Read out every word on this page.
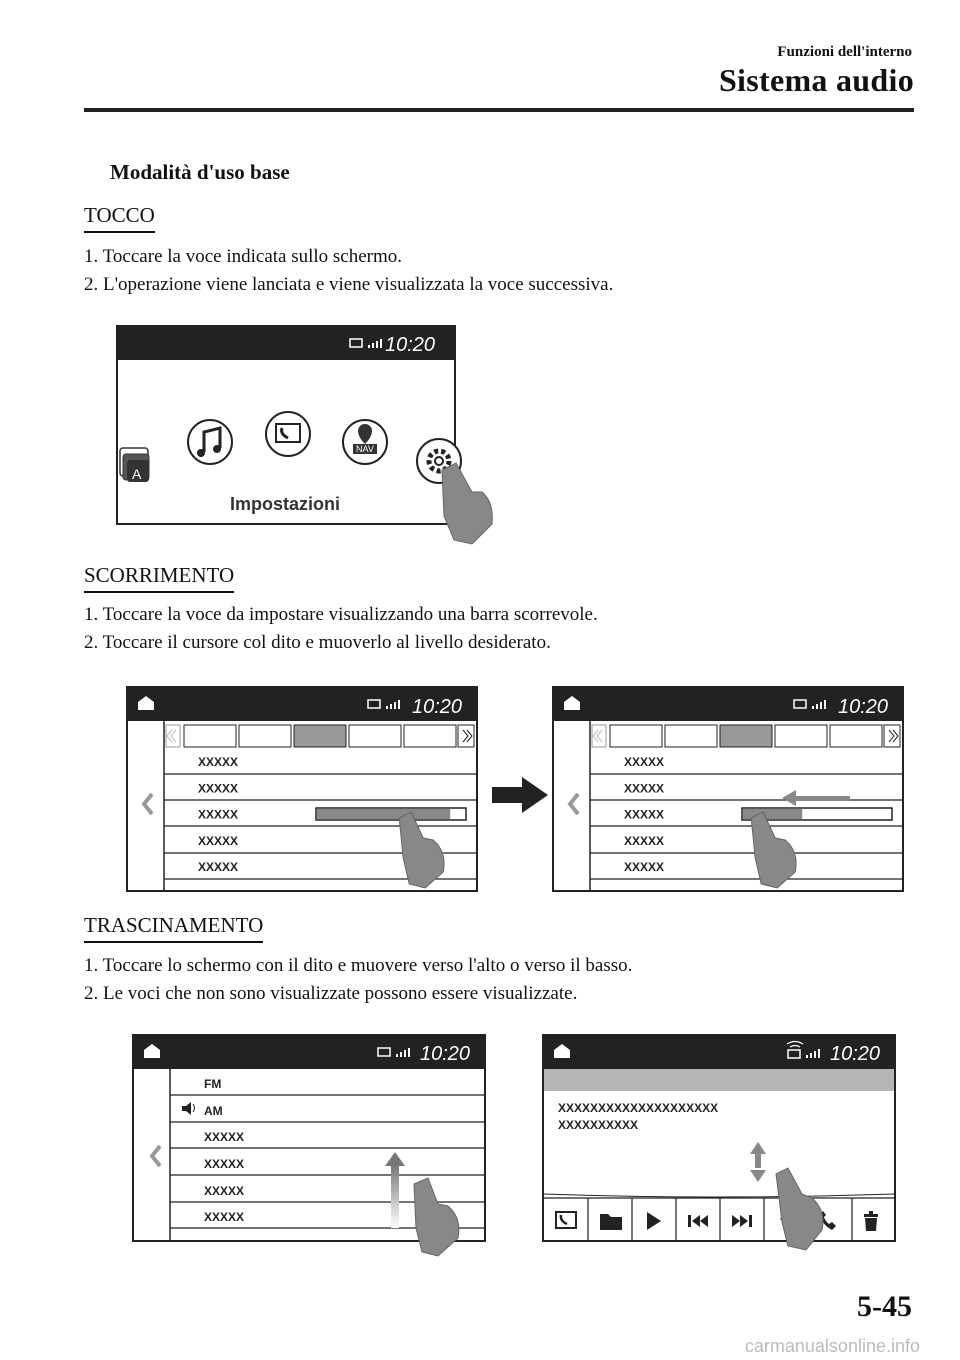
Funzioni dell'interno
Sistema audio
Modalità d'uso base
TOCCO
1. Toccare la voce indicata sullo schermo.
2. L'operazione viene lanciata e viene visualizzata la voce successiva.
10:20
A
NAV
Impostazioni
SCORRIMENTO
1. Toccare la voce da impostare visualizzando una barra scorrevole.
2. Toccare il cursore col dito e muoverlo al livello desiderato.
10:20
XXXXX
XXXXX
XXXXX
XXXXX
XXXXX
10:20
XXXXX
XXXXX
XXXXX
XXXXX
XXXXX
TRASCINAMENTO
1. Toccare lo schermo con il dito e muovere verso l'alto o verso il basso.
2. Le voci che non sono visualizzate possono essere visualizzate.
10:20
FM
AM
XXXXX
XXXXX
XXXXX
XXXXX
10:20
XXXXXXXXXXXXXXXXXXXX
XXXXXXXXXX
5-45
carmanualsonline.info
